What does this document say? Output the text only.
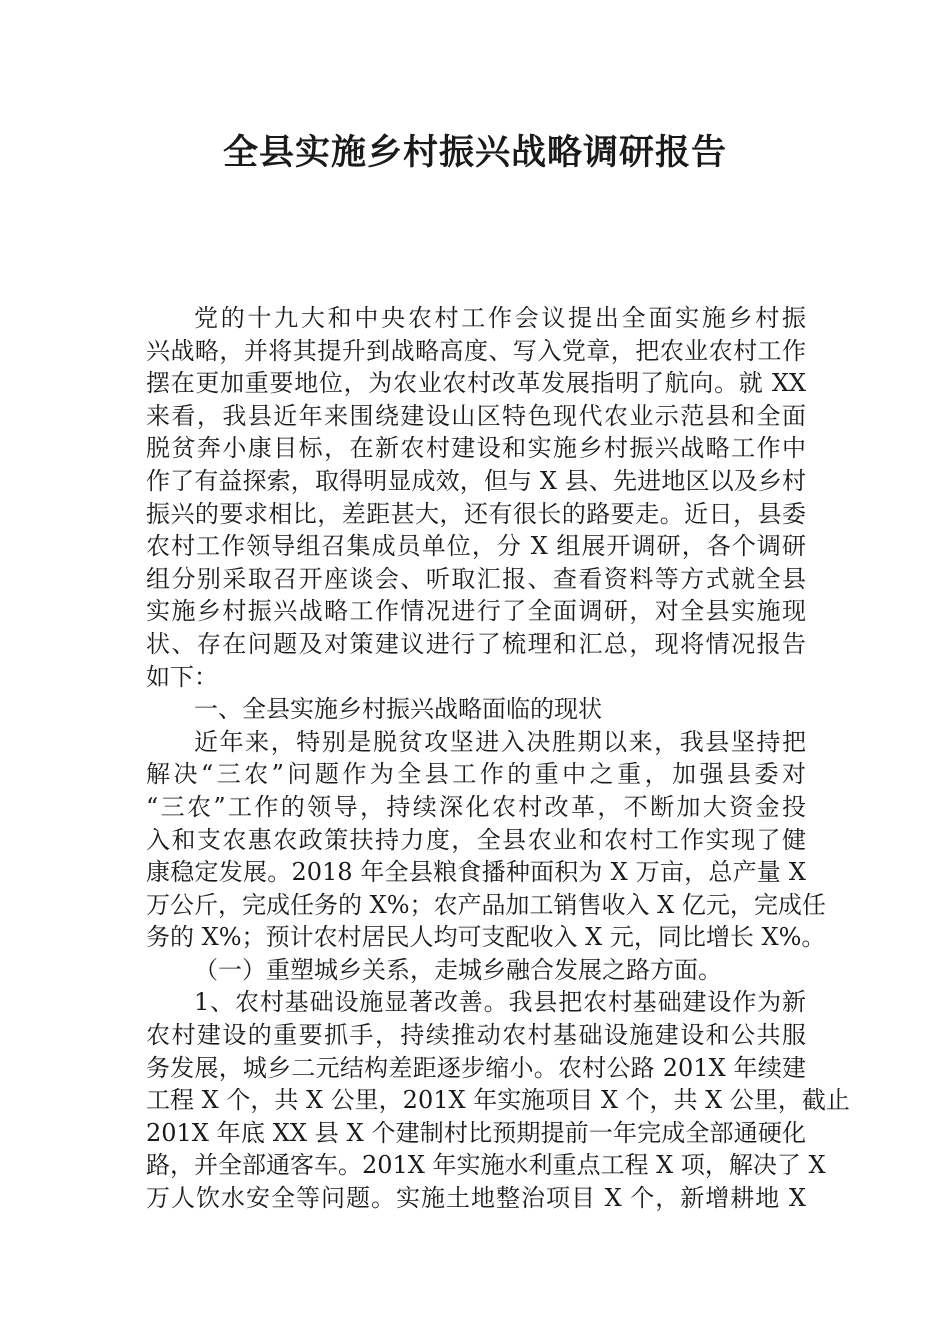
全县实施乡村振兴战略调研报告
党的十九大和中央农村工作会议提出全面实施乡村振
兴战略，并将其提升到战略高度、写入党章，把农业农村工作
摆在更加重要地位，为农业农村改革发展指明了航向。就 XX
来看，我县近年来围绕建设山区特色现代农业示范县和全面
脱贫奔小康目标，在新农村建设和实施乡村振兴战略工作中
作了有益探索，取得明显成效，但与 X 县、先进地区以及乡村
振兴的要求相比，差距甚大，还有很长的路要走。近日，县委
农村工作领导组召集成员单位，分 X 组展开调研，各个调研
组分别采取召开座谈会、听取汇报、查看资料等方式就全县
实施乡村振兴战略工作情况进行了全面调研，对全县实施现
状、存在问题及对策建议进行了梳理和汇总，现将情况报告
如下：
一、全县实施乡村振兴战略面临的现状
近年来，特别是脱贫攻坚进入决胜期以来，我县坚持把
解决“三农”问题作为全县工作的重中之重，加强县委对
“三农”工作的领导，持续深化农村改革，不断加大资金投
入和支农惠农政策扶持力度，全县农业和农村工作实现了健
康稳定发展。2018 年全县粮食播种面积为 X 万亩，总产量 X
万公斤，完成任务的 X%；农产品加工销售收入 X 亿元，完成任
务的 X%；预计农村居民人均可支配收入 X 元，同比增长 X%。
（一）重塑城乡关系，走城乡融合发展之路方面。
1、农村基础设施显著改善。我县把农村基础建设作为新
农村建设的重要抓手，持续推动农村基础设施建设和公共服
务发展，城乡二元结构差距逐步缩小。农村公路 201X 年续建
工程 X 个，共 X 公里，201X 年实施项目 X 个，共 X 公里，截止
201X 年底 XX 县 X 个建制村比预期提前一年完成全部通硬化
路，并全部通客车。201X 年实施水利重点工程 X 项，解决了 X
万人饮水安全等问题。实施土地整治项目 X 个，新增耕地 X
